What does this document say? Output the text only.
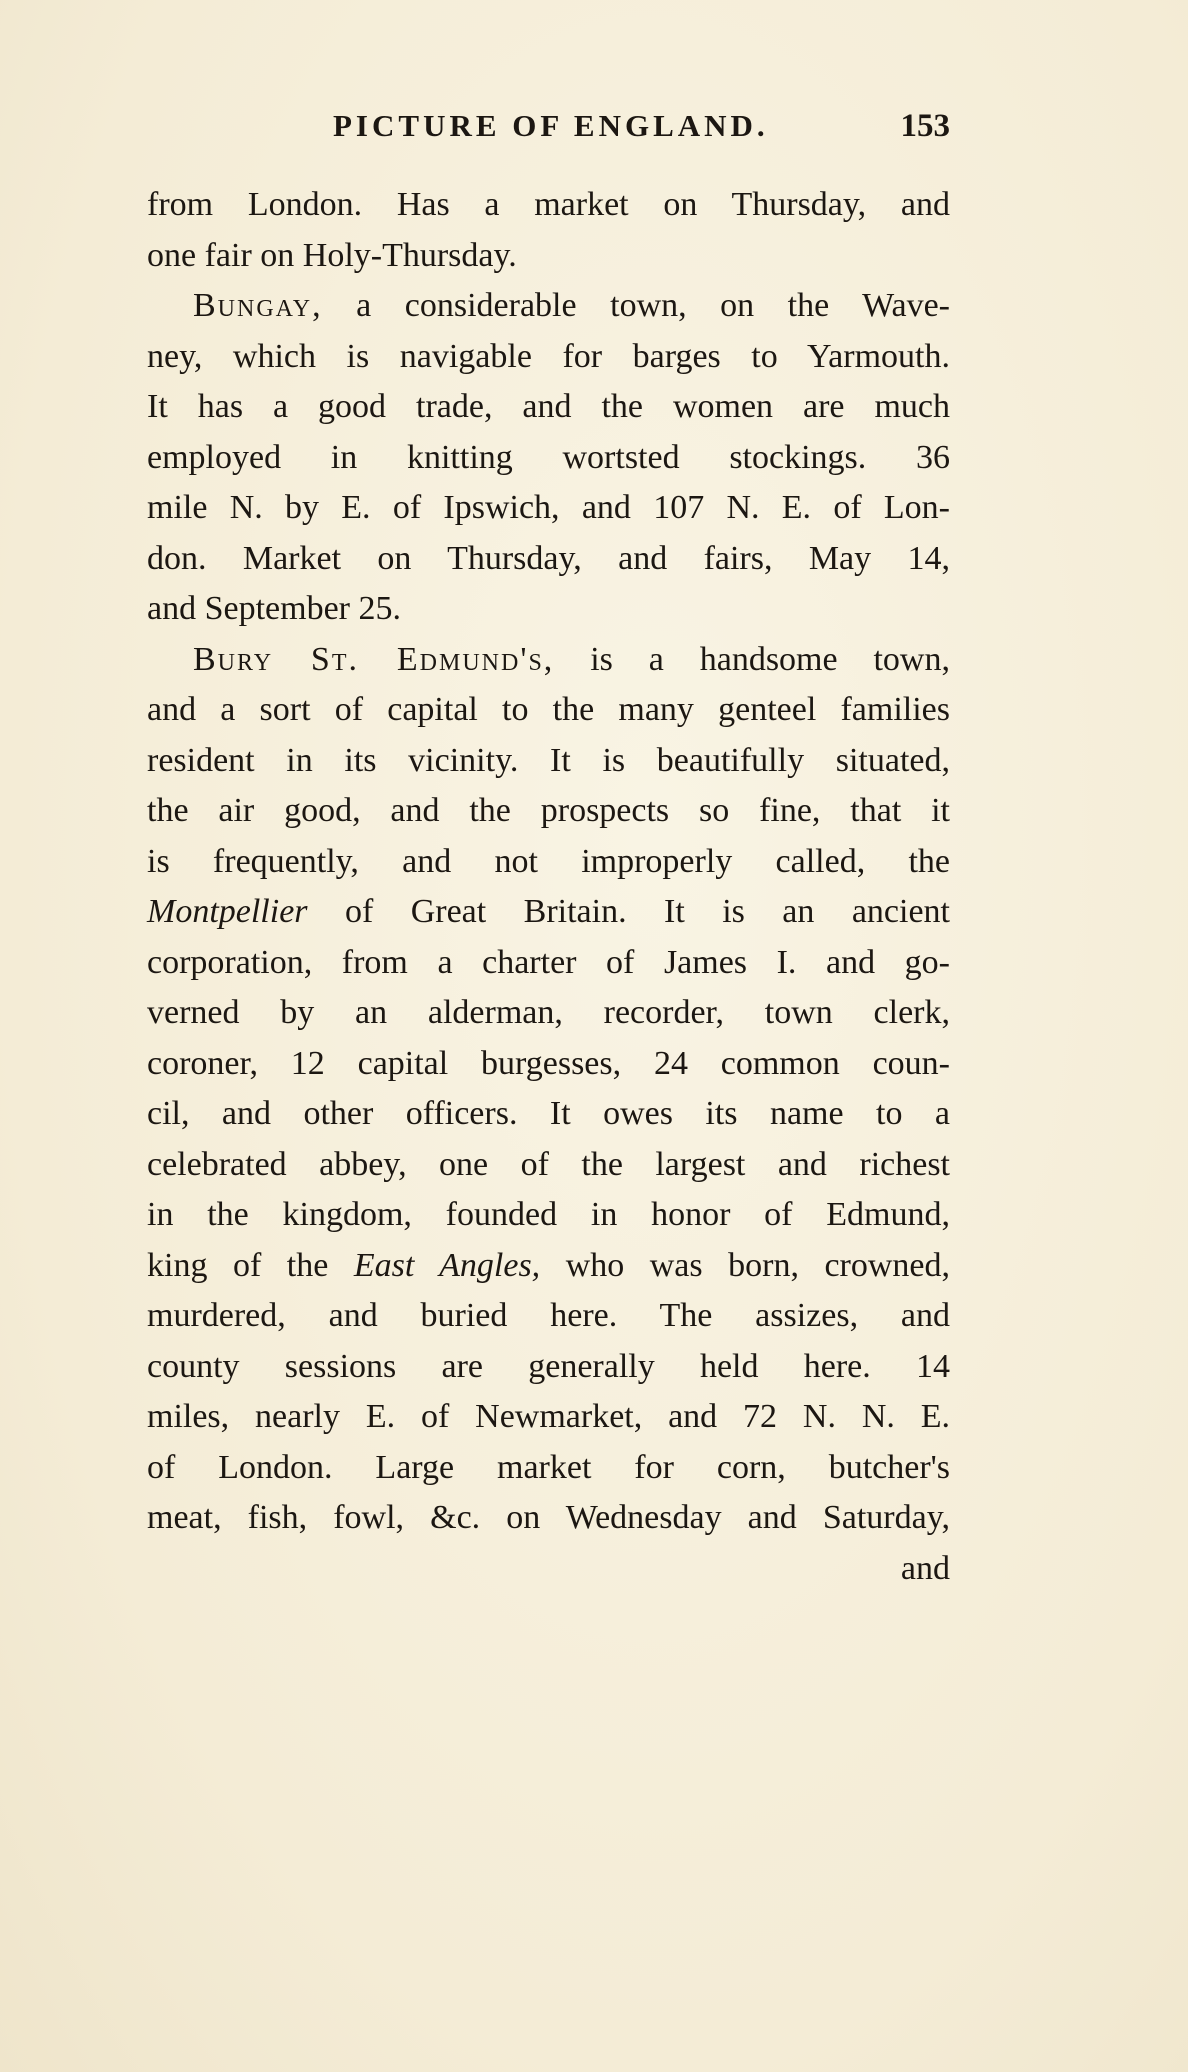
PICTURE OF ENGLAND.	153
from London. Has a market on Thursday, and
one fair on Holy-Thursday.
Bungay, a considerable town, on the Wave-
ney, which is navigable for barges to Yarmouth.
It has a good trade, and the women are much
employed in knitting wortsted stockings. 36
mile N. by E. of Ipswich, and 107 N. E. of Lon-
don. Market on Thursday, and fairs, May 14,
and September 25.
Bury St. Edmund's, is a handsome town,
and a sort of capital to the many genteel families
resident in its vicinity. It is beautifully situated,
the air good, and the prospects so fine, that it
is frequently, and not improperly called, the
Montpellier of Great Britain. It is an ancient
corporation, from a charter of James I. and go-
verned by an alderman, recorder, town clerk,
coroner, 12 capital burgesses, 24 common coun-
cil, and other officers. It owes its name to a
celebrated abbey, one of the largest and richest
in the kingdom, founded in honor of Edmund,
king of the East Angles, who was born, crowned,
murdered, and buried here. The assizes, and
county sessions are generally held here. 14
miles, nearly E. of Newmarket, and 72 N. N. E.
of London. Large market for corn, butcher's
meat, fish, fowl, &c. on Wednesday and Saturday,
and
